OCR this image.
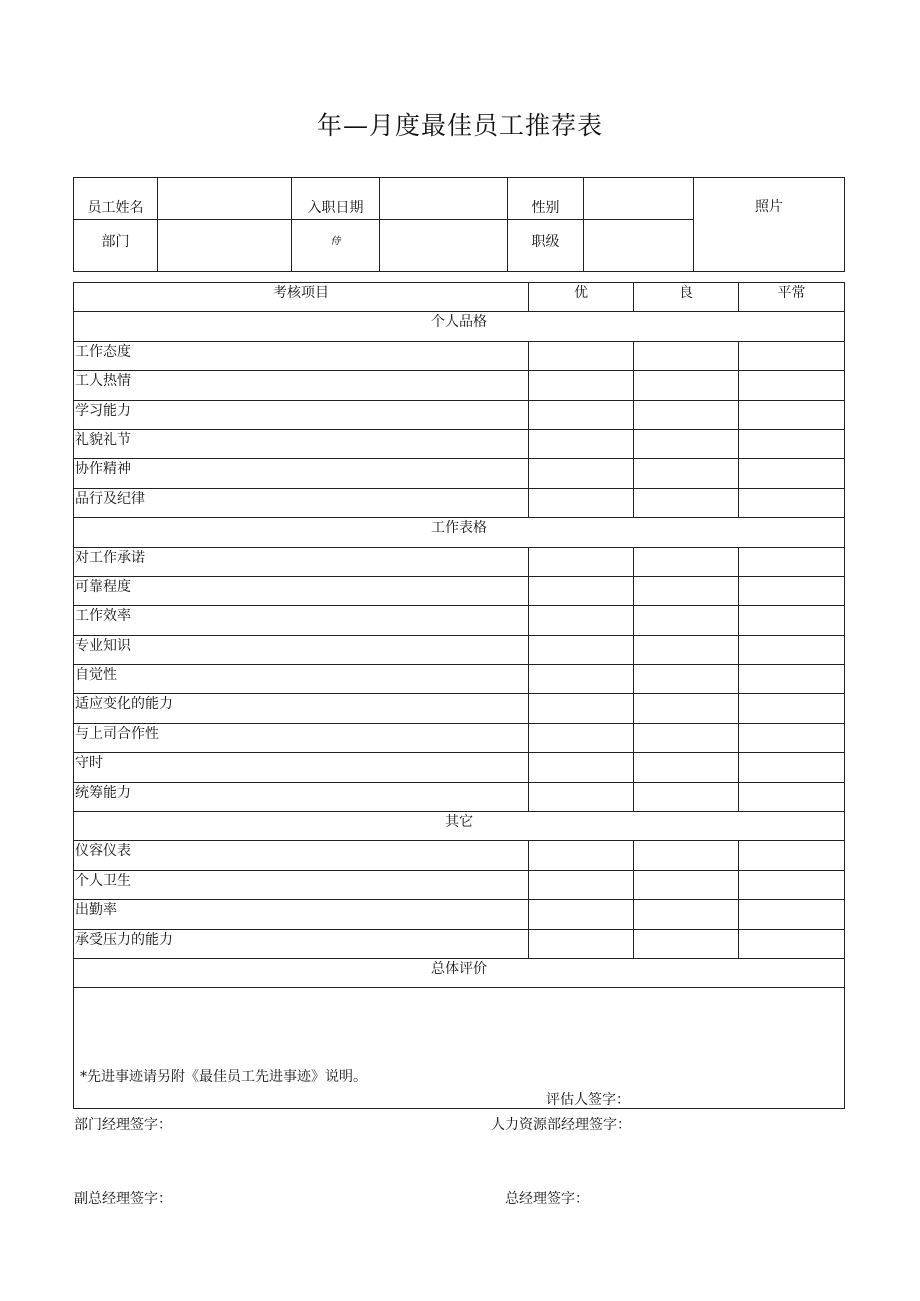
年—月度最佳员工推荐表
员工姓名		入职日期		性别		照片
部门		侍		职级		
考核项目	优	良	平常
个人品格			
工作态度			
工人热情			
学习能力			
礼貌礼节			
协作精神			
品行及纪律			
工作表格			
对工作承诺			
可靠程度			
工作效率			
专业知识			
自觉性			
适应变化的能力			
与上司合作性			
守时			
统筹能力			
其它			
仪容仪表			
个人卫生			
出勤率			
承受压力的能力			
总体评价			
评估人签字：			
*先进事迹请另附《最佳员工先进事迹》说明。
部门经理签字：	人力资源部经理签字：
副总经理签字：	总经理签字：
